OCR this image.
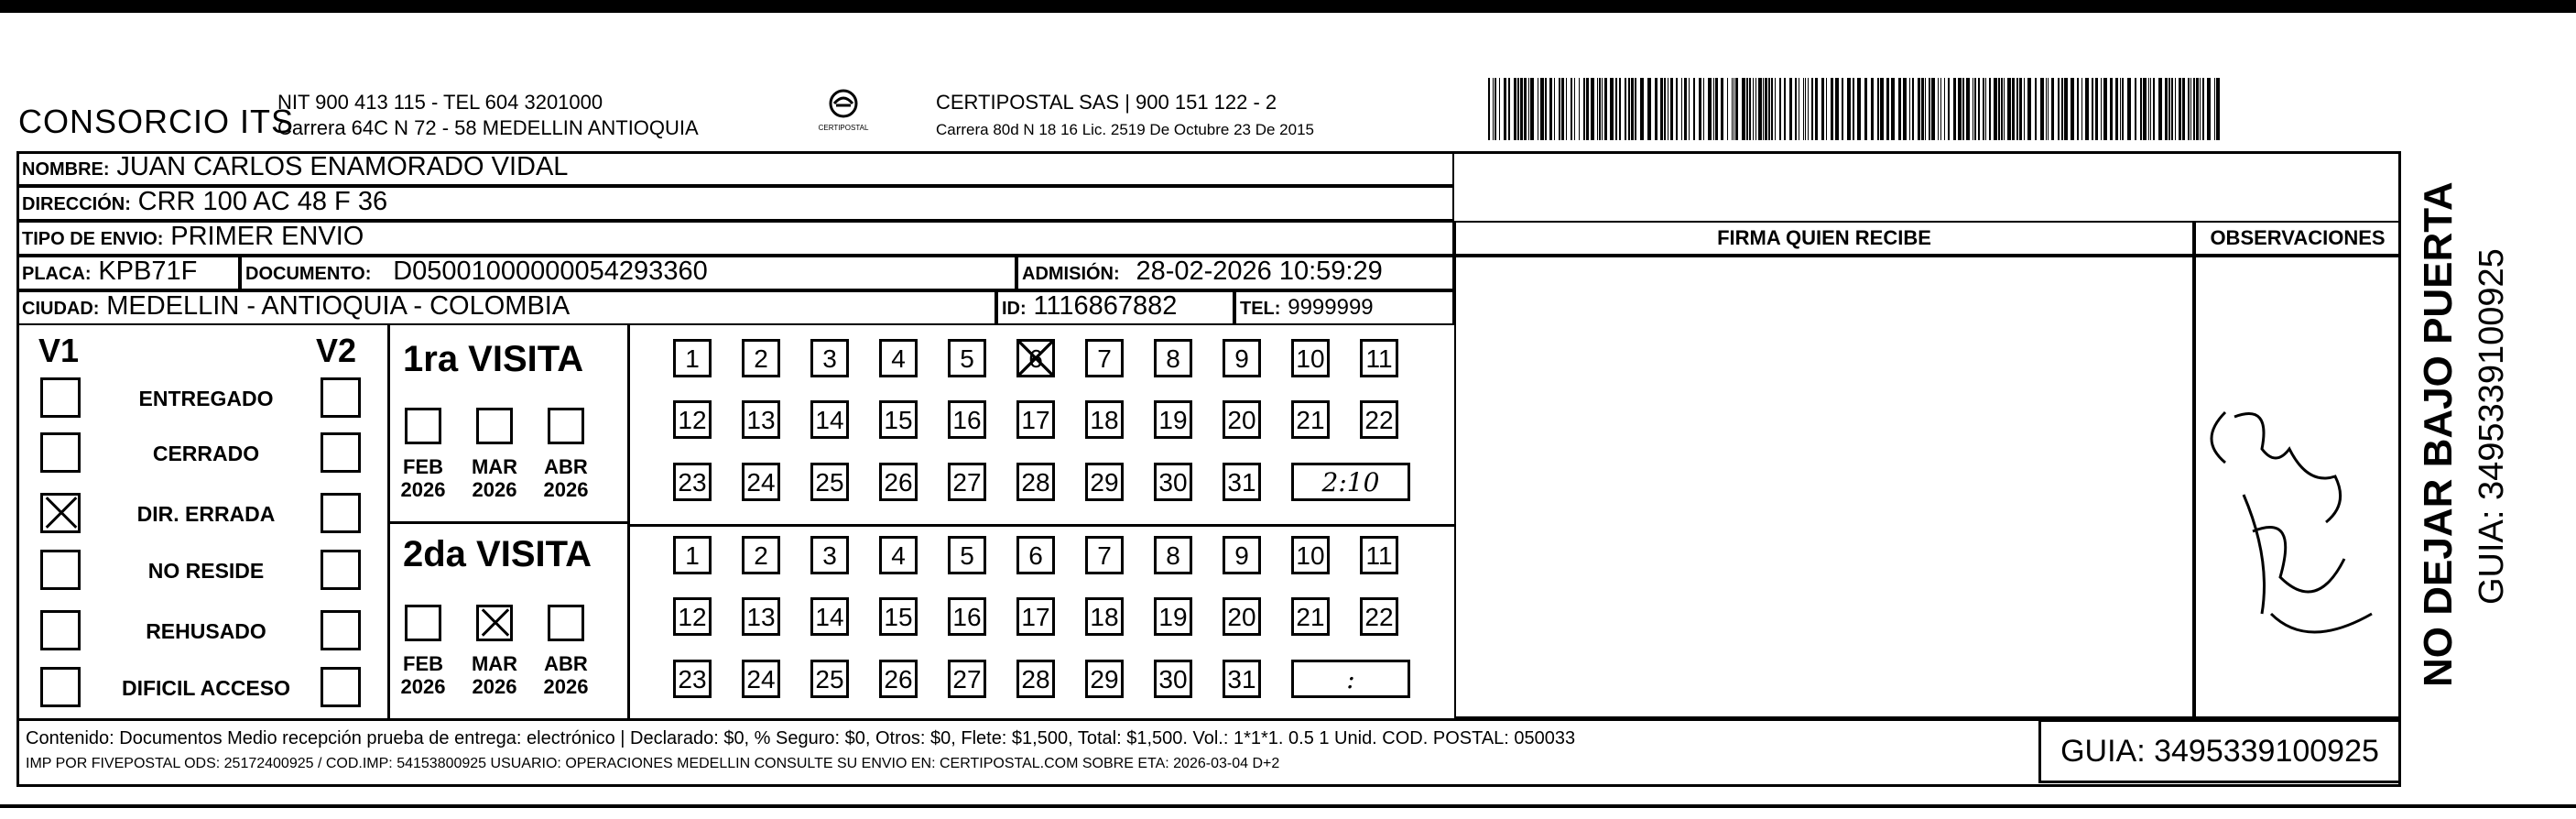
CONSORCIO ITS
NIT 900 413 115 - TEL 604 3201000
Carrera 64C N 72 - 58 MEDELLIN ANTIOQUIA	CERTIPOSTAL
CERTIPOSTAL SAS | 900 151 122 - 2
Carrera 80d N 18 16 Lic. 2519 De Octubre 23 De 2015
NOMBRE: JUAN CARLOS ENAMORADO VIDAL
DIRECCIÓN: CRR 100 AC 48 F 36
TIPO DE ENVIO: PRIMER ENVIO
PLACA: KPB71F	DOCUMENTO: D05001000000054293360	ADMISIÓN: 28-02-2026 10:59:29
CIUDAD: MEDELLIN - ANTIOQUIA - COLOMBIA	ID: 1116867882	TEL: 9999999
FIRMA QUIEN RECIBE	OBSERVACIONES
V1	V2
ENTREGADO
CERRADO
DIR. ERRADA
NO RESIDE
REHUSADO
DIFICIL ACCESO
1ra VISITA
2da VISITA
FEB
2026
MAR
2026
ABR
2026
FEB
2026
MAR
2026
ABR
2026
1	2	3	4	5	6	7	8	9	10 11
12 13 14 15 16 17 18 19 20 21 22
23 24 25 26 27 28 29 30 31	2:10
1	2	3	4	5	6	7	8	9	10 11
12 13 14 15 16 17 18 19 20 21 22
23 24 25 26 27 28 29 30 31	:
Contenido: Documentos Medio recepción prueba de entrega: electrónico | Declarado: $0, % Seguro: $0, Otros: $0, Flete: $1,500, Total: $1,500. Vol.: 1*1*1. 0.5 1 Unid. COD. POSTAL: 050033
IMP POR FIVEPOSTAL ODS: 25172400925 / COD.IMP: 54153800925 USUARIO: OPERACIONES MEDELLIN CONSULTE SU ENVIO EN: CERTIPOSTAL.COM SOBRE ETA: 2026-03-04 D+2	GUIA: 3495339100925
NO DEJAR BAJO PUERTA GUIA: 3495339100925
